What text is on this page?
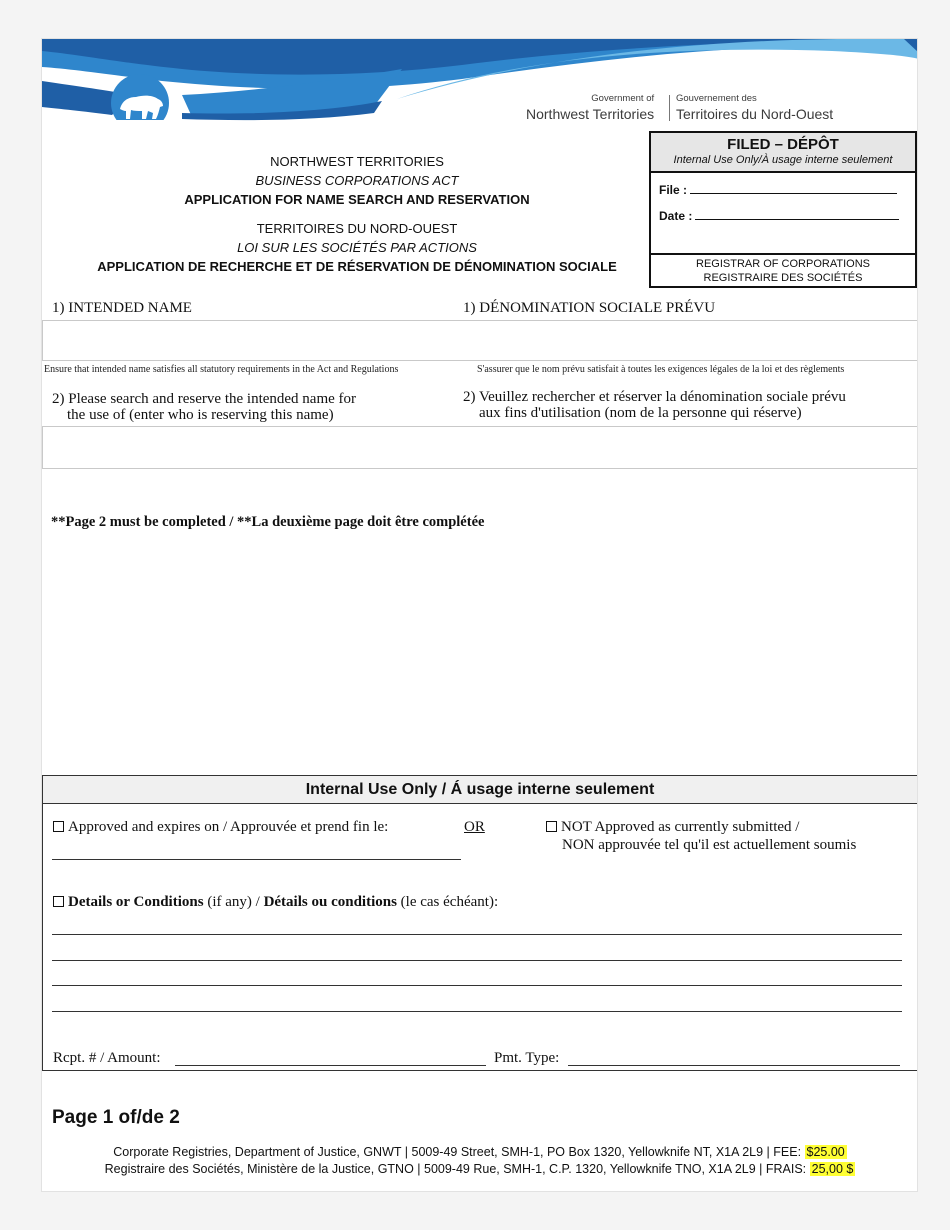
Government of
Northwest Territories
Gouvernement des
Territoires du Nord-Ouest
NORTHWEST TERRITORIES
BUSINESS CORPORATIONS ACT
APPLICATION FOR NAME SEARCH AND RESERVATION
TERRITOIRES DU NORD-OUEST
LOI SUR LES SOCIÉTÉS PAR ACTIONS
APPLICATION DE RECHERCHE ET DE RÉSERVATION DE DÉNOMINATION SOCIALE
FILED – DÉPÔT
Internal Use Only/À usage interne seulement
File :
Date :
REGISTRAR OF CORPORATIONS
REGISTRAIRE DES SOCIÉTÉS
1) INTENDED NAME	1) DÉNOMINATION SOCIALE PRÉVU
Ensure that intended name satisfies all statutory requirements in the Act and Regulations	S'assurer que le nom prévu satisfait à toutes les exigences légales de la loi et des règlements
2) Please search and reserve the intended name for
the use of (enter who is reserving this name)
2) Veuillez rechercher et réserver la dénomination sociale prévu
aux fins d'utilisation (nom de la personne qui réserve)
**Page 2 must be completed / **La deuxième page doit être complétée
Internal Use Only / Á usage interne seulement
Approved and expires on / Approuvée et prend fin le:	OR	NOT Approved as currently submitted /
NON approuvée tel qu'il est actuellement soumis
Details or Conditions (if any) / Détails ou conditions (le cas échéant):
Rcpt. # / Amount:	Pmt. Type:
Page 1 of/de 2
Corporate Registries, Department of Justice, GNWT | 5009-49 Street, SMH-1, PO Box 1320, Yellowknife NT, X1A 2L9 | FEE: $25.00
Registraire des Sociétés, Ministère de la Justice, GTNO | 5009-49 Rue, SMH-1, C.P. 1320, Yellowknife TNO, X1A 2L9 | FRAIS: 25,00 $
